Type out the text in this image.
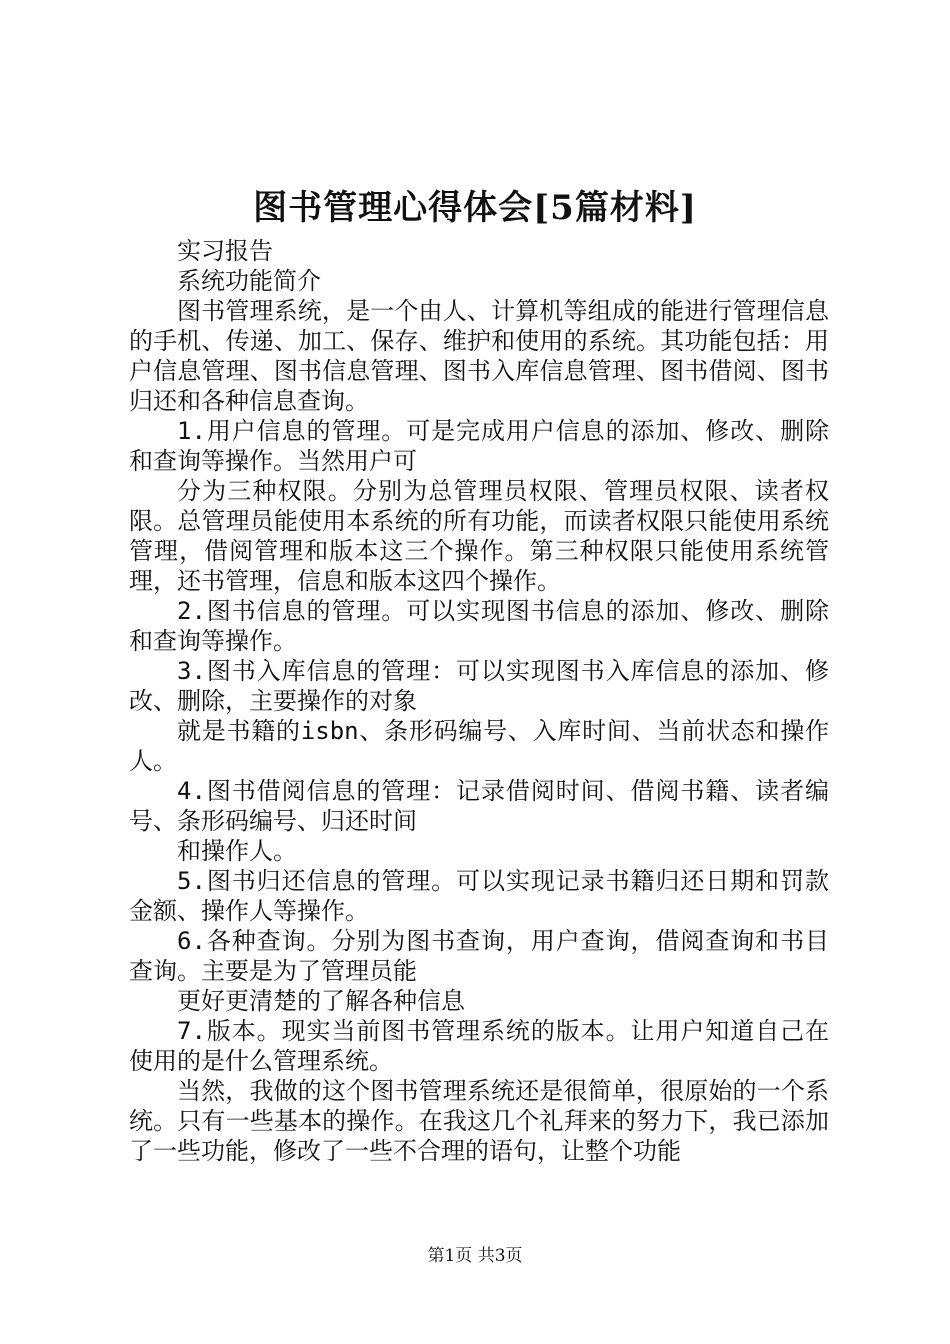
图书管理心得体会[5篇材料]

实习报告

系统功能简介

图书管理系统，是一个由人、计算机等组成的能进行管理信息的手机、传递、加工、保存、维护和使用的系统。其功能包括：用户信息管理、图书信息管理、图书入库信息管理、图书借阅、图书归还和各种信息查询。

1.用户信息的管理。可是完成用户信息的添加、修改、删除和查询等操作。当然用户可

分为三种权限。分别为总管理员权限、管理员权限、读者权限。总管理员能使用本系统的所有功能，而读者权限只能使用系统管理，借阅管理和版本这三个操作。第三种权限只能使用系统管理，还书管理，信息和版本这四个操作。

2.图书信息的管理。可以实现图书信息的添加、修改、删除和查询等操作。

3.图书入库信息的管理：可以实现图书入库信息的添加、修改、删除，主要操作的对象

就是书籍的isbn、条形码编号、入库时间、当前状态和操作人。

4.图书借阅信息的管理：记录借阅时间、借阅书籍、读者编号、条形码编号、归还时间

和操作人。

5.图书归还信息的管理。可以实现记录书籍归还日期和罚款金额、操作人等操作。

6.各种查询。分别为图书查询，用户查询，借阅查询和书目查询。主要是为了管理员能

更好更清楚的了解各种信息

7.版本。现实当前图书管理系统的版本。让用户知道自己在使用的是什么管理系统。

当然，我做的这个图书管理系统还是很简单，很原始的一个系统。只有一些基本的操作。在我这几个礼拜来的努力下，我已添加了一些功能，修改了一些不合理的语句，让整个功能

第1页 共3页
